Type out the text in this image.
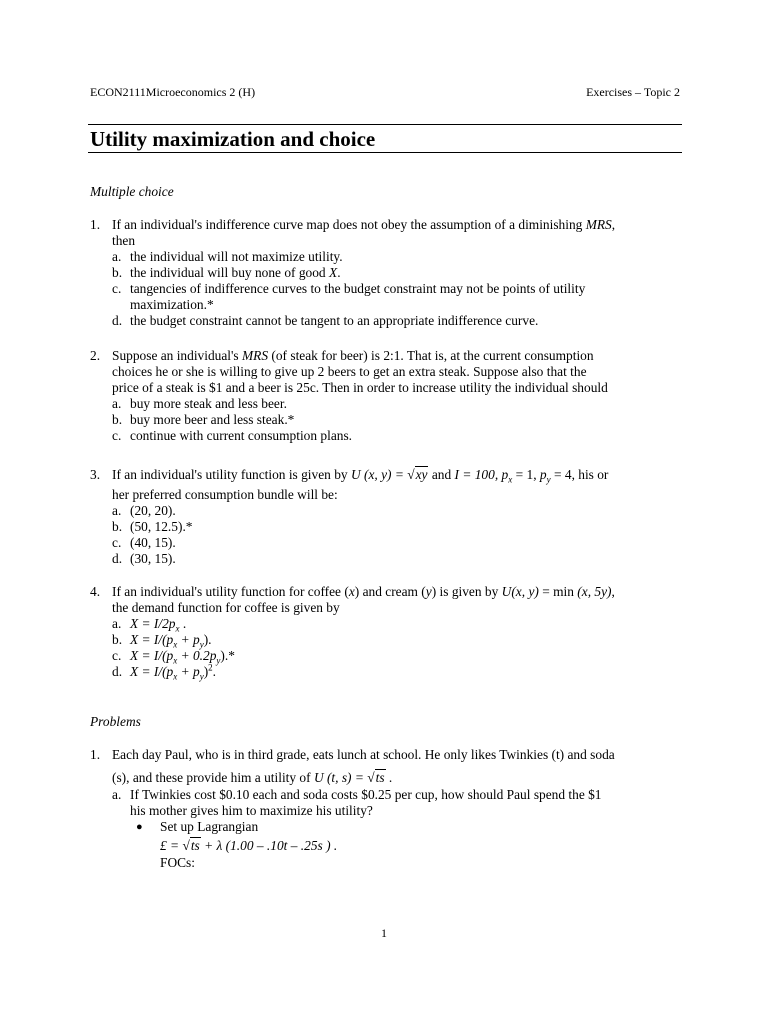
ECON2111Microeconomics 2 (H)	Exercises – Topic 2
Utility maximization and choice
Multiple choice
1. If an individual's indifference curve map does not obey the assumption of a diminishing MRS,
then
a. the individual will not maximize utility.
b. the individual will buy none of good X.
c. tangencies of indifference curves to the budget constraint may not be points of utility
maximization.*
d. the budget constraint cannot be tangent to an appropriate indifference curve.
2. Suppose an individual's MRS (of steak for beer) is 2:1. That is, at the current consumption
choices he or she is willing to give up 2 beers to get an extra steak. Suppose also that the
price of a steak is $1 and a beer is 25c. Then in order to increase utility the individual should
a. buy more steak and less beer.
b. buy more beer and less steak.*
c. continue with current consumption plans.
3. If an individual's utility function is given by U (x, y) = √xy and I = 100, $p_x = 1$, $p_y = 4$, his or
her preferred consumption bundle will be:
a. (20, 20).
b. (50, 12.5).*
c. (40, 15).
d. (30, 15).
4. If an individual's utility function for coffee (x) and cream (y) is given by U(x, y) = min (x, 5y),
the demand function for coffee is given by
a. $X = I/2p_x$ .
b. $X = I/(p_x + p_y)$.
c. $X = I/(p_x + 0.2p_y).*$
d. $X = I/(p_x + p_y)^2$.
Problems
1. Each day Paul, who is in third grade, eats lunch at school. He only likes Twinkies (t) and soda
(s), and these provide him a utility of U (t, s) = √ts .
a. If Twinkies cost $0.10 each and soda costs $0.25 per cup, how should Paul spend the $1
his mother gives him to maximize his utility?
● Set up Lagrangian
£ = √ts + λ (1.00 – .10t – .25s ) .
FOCs:
1
